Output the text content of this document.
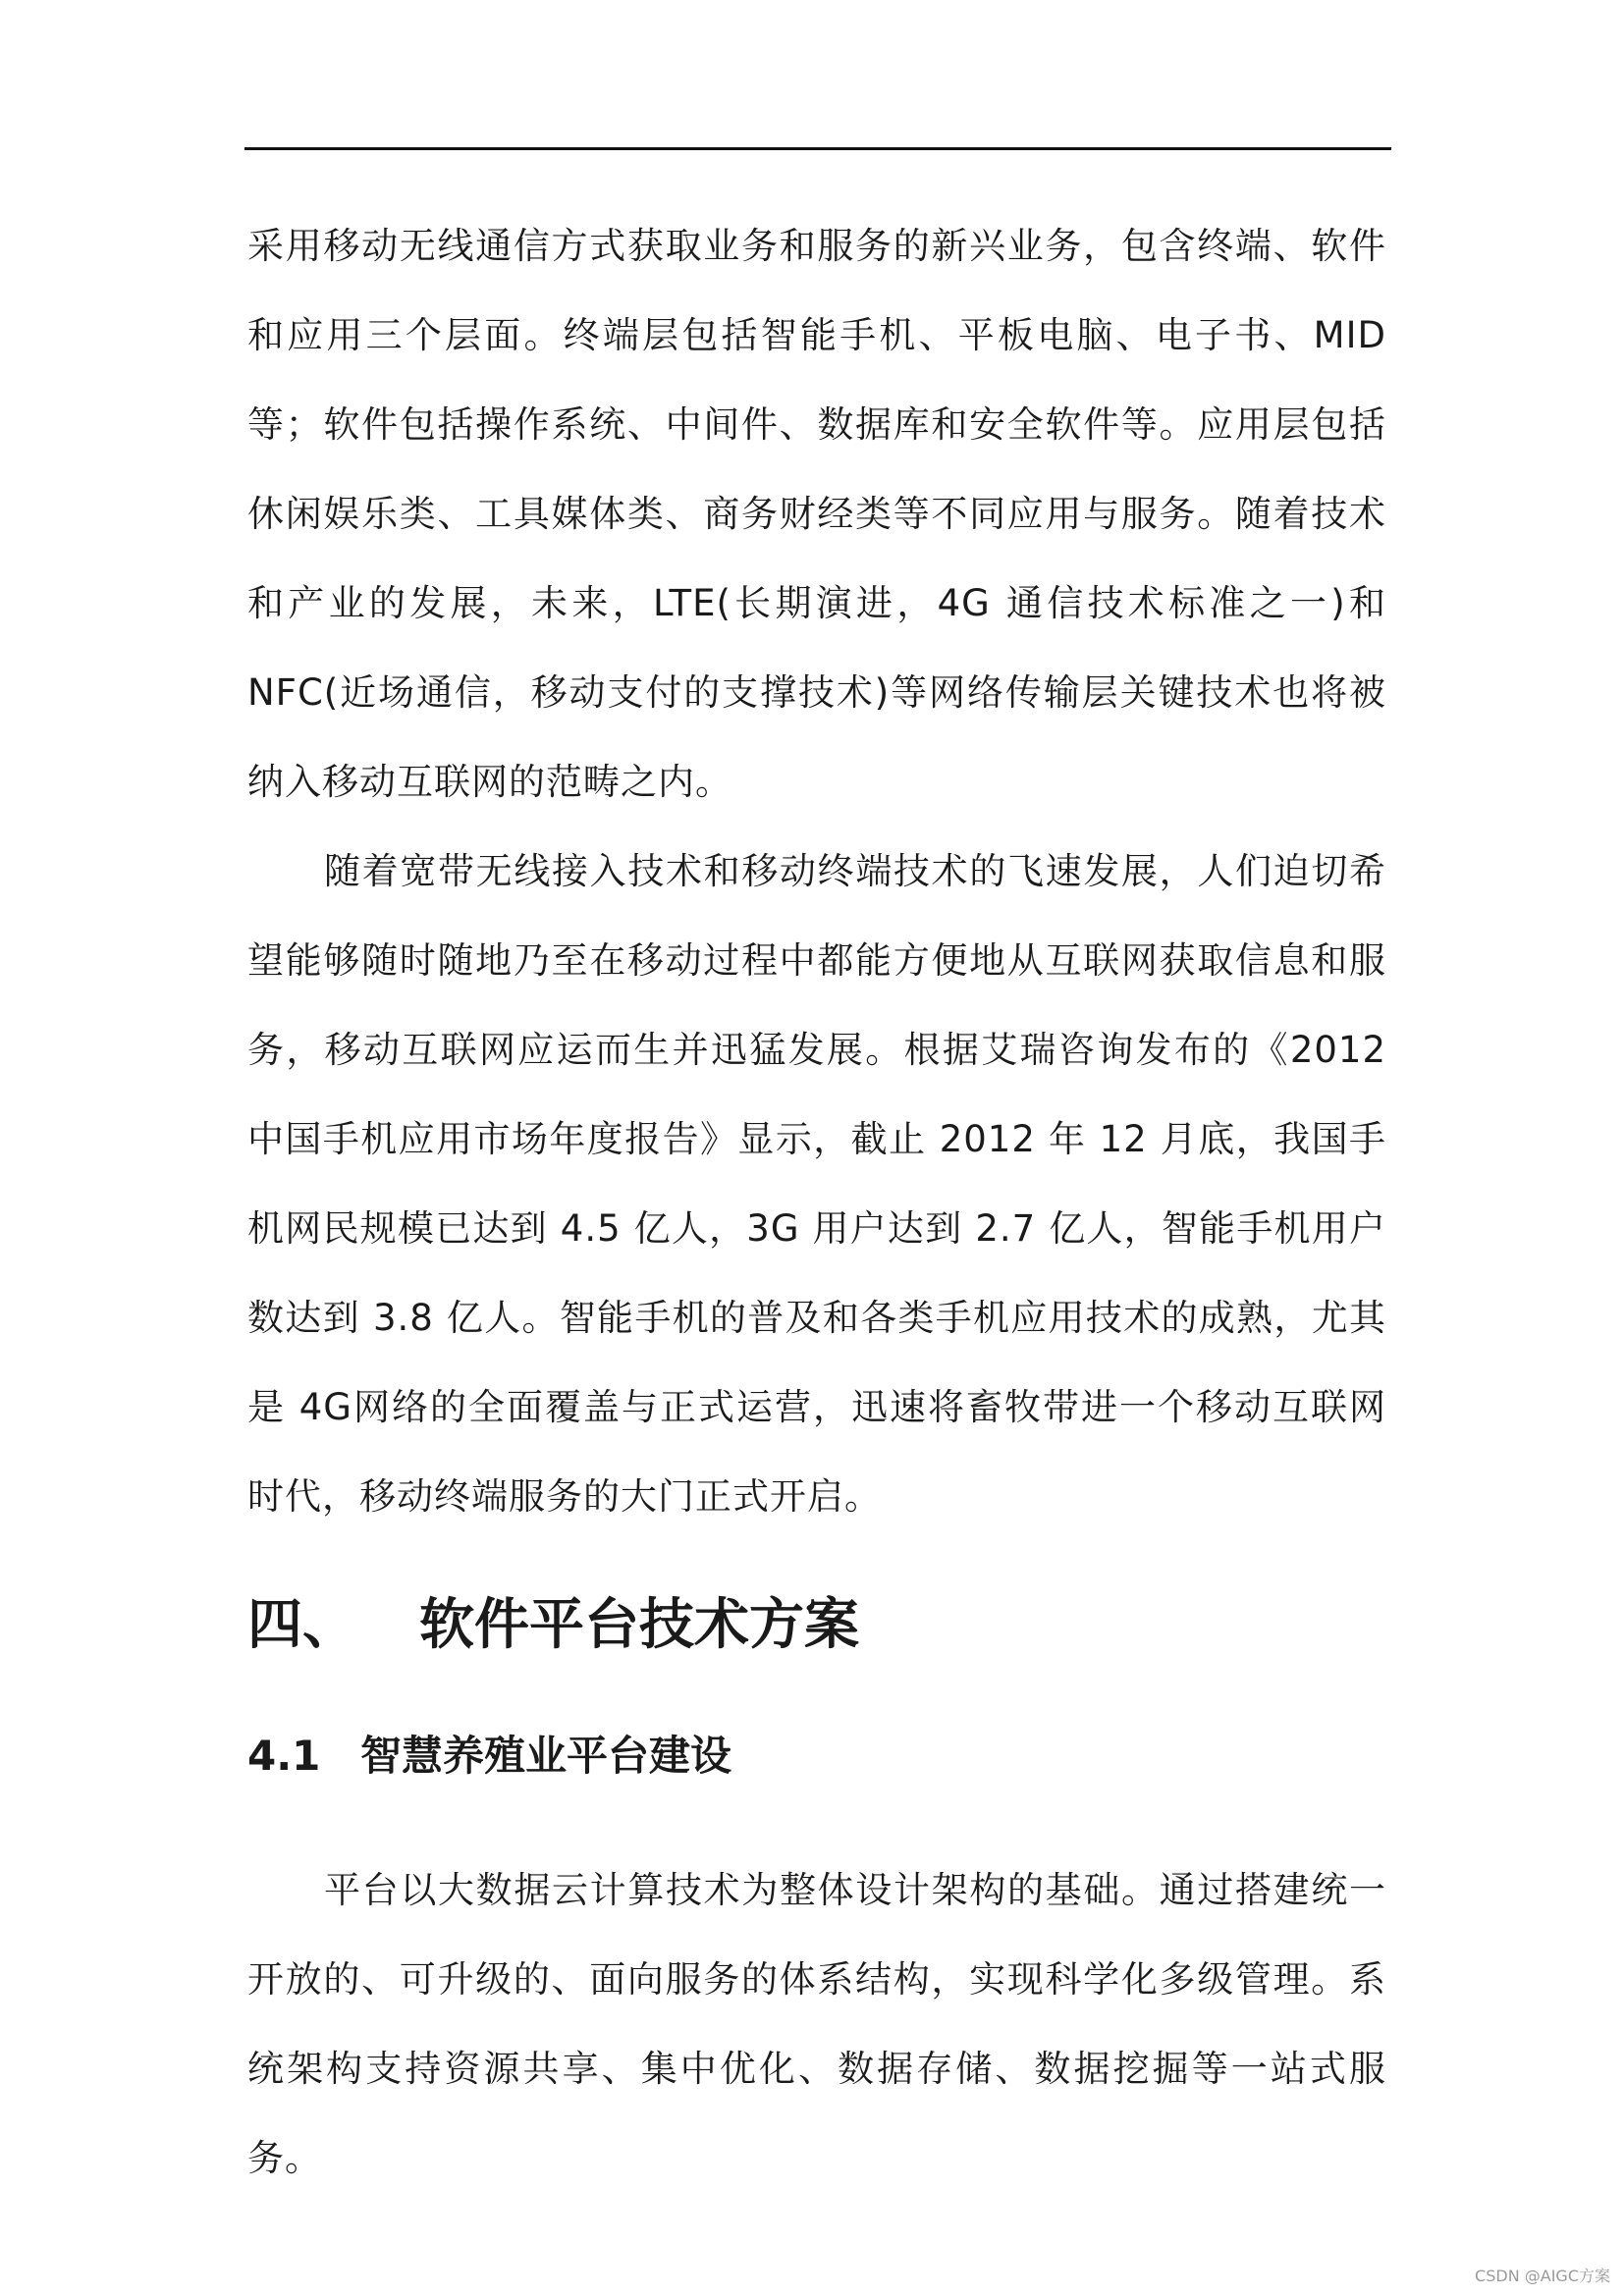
采用移动无线通信方式获取业务和服务的新兴业务，包含终端、软件和应用三个层面。终端层包括智能手机、平板电脑、电子书、MID等；软件包括操作系统、中间件、数据库和安全软件等。应用层包括休闲娱乐类、工具媒体类、商务财经类等不同应用与服务。随着技术和产业的发展，未来，LTE(长期演进，4G 通信技术标准之一)和 NFC(近场通信，移动支付的支撑技术)等网络传输层关键技术也将被纳入移动互联网的范畴之内。

随着宽带无线接入技术和移动终端技术的飞速发展，人们迫切希望能够随时随地乃至在移动过程中都能方便地从互联网获取信息和服务，移动互联网应运而生并迅猛发展。根据艾瑞咨询发布的《2012中国手机应用市场年度报告》显示，截止 2012 年 12 月底，我国手机网民规模已达到 4.5 亿人，3G 用户达到 2.7 亿人，智能手机用户数达到 3.8 亿人。智能手机的普及和各类手机应用技术的成熟，尤其是 4G网络的全面覆盖与正式运营，迅速将畜牧带进一个移动互联网时代，移动终端服务的大门正式开启。

四、 软件平台技术方案
4.1 智慧养殖业平台建设

平台以大数据云计算技术为整体设计架构的基础。通过搭建统一开放的、可升级的、面向服务的体系结构，实现科学化多级管理。系统架构支持资源共享、集中优化、数据存储、数据挖掘等一站式服务。

CSDN @AIGC方案
